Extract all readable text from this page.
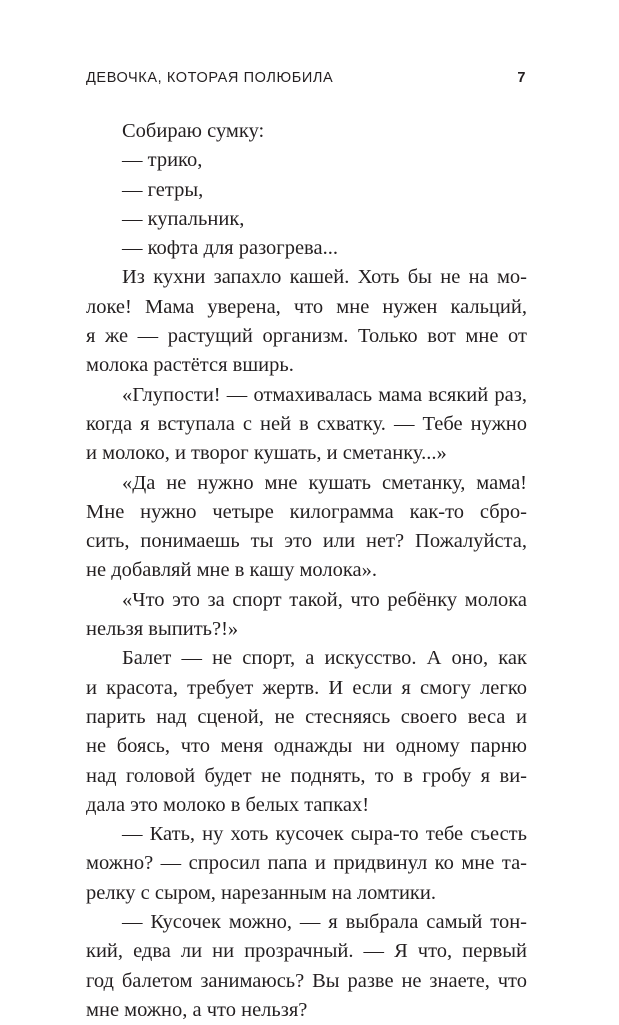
ДЕВОЧКА, КОТОРАЯ ПОЛЮБИЛА	7
Собираю сумку:
— трико,
— гетры,
— купальник,
— кофта для разогрева...
Из кухни запахло кашей. Хоть бы не на мо-
локе! Мама уверена, что мне нужен кальций,
я же — растущий организм. Только вот мне от
молока растётся вширь.
«Глупости! — отмахивалась мама всякий раз,
когда я вступала с ней в схватку. — Тебе нужно
и молоко, и творог кушать, и сметанку...»
«Да не нужно мне кушать сметанку, мама!
Мне нужно четыре килограмма как-то сбро-
сить, понимаешь ты это или нет? Пожалуйста,
не добавляй мне в кашу молока».
«Что это за спорт такой, что ребёнку молока
нельзя выпить?!»
Балет — не спорт, а искусство. А оно, как
и красота, требует жертв. И если я смогу легко
парить над сценой, не стесняясь своего веса и
не боясь, что меня однажды ни одному парню
над головой будет не поднять, то в гробу я ви-
дала это молоко в белых тапках!
— Кать, ну хоть кусочек сыра-то тебе съесть
можно? — спросил папа и придвинул ко мне та-
релку с сыром, нарезанным на ломтики.
— Кусочек можно, — я выбрала самый тон-
кий, едва ли ни прозрачный. — Я что, первый
год балетом занимаюсь? Вы разве не знаете, что
мне можно, а что нельзя?
